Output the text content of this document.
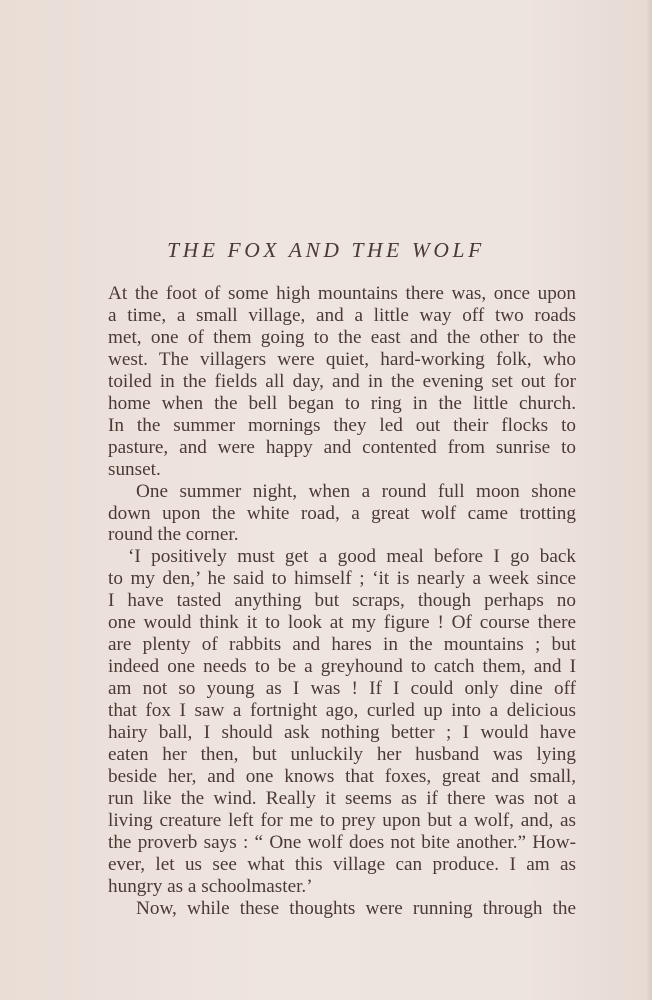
THE FOX AND THE WOLF
At the foot of some high mountains there was, once upon
a time, a small village, and a little way off two roads
met, one of them going to the east and the other to the
west. The villagers were quiet, hard-working folk, who
toiled in the fields all day, and in the evening set out for
home when the bell began to ring in the little church.
In the summer mornings they led out their flocks to
pasture, and were happy and contented from sunrise to
sunset.
One summer night, when a round full moon shone
down upon the white road, a great wolf came trotting
round the corner.
‘I positively must get a good meal before I go back
to my den,’ he said to himself ; ‘it is nearly a week since
I have tasted anything but scraps, though perhaps no
one would think it to look at my figure ! Of course there
are plenty of rabbits and hares in the mountains ; but
indeed one needs to be a greyhound to catch them, and I
am not so young as I was ! If I could only dine off
that fox I saw a fortnight ago, curled up into a delicious
hairy ball, I should ask nothing better ; I would have
eaten her then, but unluckily her husband was lying
beside her, and one knows that foxes, great and small,
run like the wind. Really it seems as if there was not a
living creature left for me to prey upon but a wolf, and, as
the proverb says : “ One wolf does not bite another.” How-
ever, let us see what this village can produce. I am as
hungry as a schoolmaster.’
Now, while these thoughts were running through the
